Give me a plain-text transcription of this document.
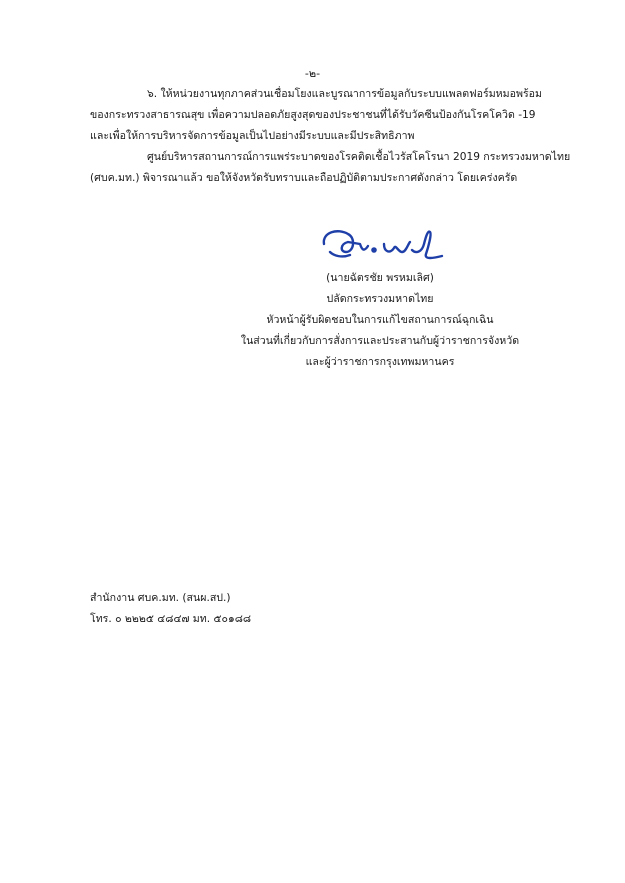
-๒-

๖. ให้หน่วยงานทุกภาคส่วนเชื่อมโยงและบูรณาการข้อมูลกับระบบแพลตฟอร์มหมอพร้อม
ของกระทรวงสาธารณสุข เพื่อความปลอดภัยสูงสุดของประชาชนที่ได้รับวัคซีนป้องกันโรคโควิด -19
และเพื่อให้การบริหารจัดการข้อมูลเป็นไปอย่างมีระบบและมีประสิทธิภาพ

ศูนย์บริหารสถานการณ์การแพร่ระบาดของโรคติดเชื้อไวรัสโคโรนา 2019 กระทรวงมหาดไทย
(ศบค.มท.) พิจารณาแล้ว ขอให้จังหวัดรับทราบและถือปฏิบัติตามประกาศดังกล่าว โดยเคร่งครัด

(นายฉัตรชัย พรหมเลิศ)
ปลัดกระทรวงมหาดไทย
หัวหน้าผู้รับผิดชอบในการแก้ไขสถานการณ์ฉุกเฉิน
ในส่วนที่เกี่ยวกับการสั่งการและประสานกับผู้ว่าราชการจังหวัด
และผู้ว่าราชการกรุงเทพมหานคร
สำนักงาน ศบค.มท. (สนผ.สป.)
โทร. ๐ ๒๒๒๕ ๔๘๔๗ มท. ๕๐๑๘๘
